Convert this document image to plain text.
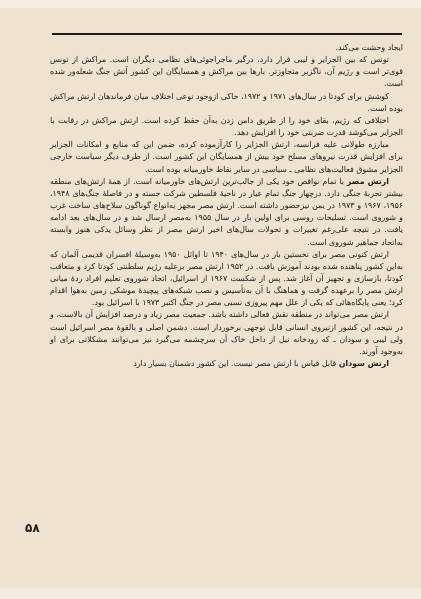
ایجاد وحشت می‌کند.

تونس که بین الجزایر و لیبی قرار دارد، درگیر ماجراجوئی‌های نظامی دیگران است. مراکش از تونس قوی‌تر است و رژیم آن، ناگزیر متجاوزتر. بارها بین مراکش و همسایگان این کشور آتش جنگ شعله‌ور شده است.

کوشش برای کودتا در سال‌های ۱۹۷۱ و ۱۹۷۲، حاکی ازوجود نوعی اختلاف میان فرماندهان ارتش مراکش بوده است.

اختلافی که رژیم، بقای خود را از طریق دامن زدن به‌آن حفظ کرده است. ارتش مراکش در رقابت با الجزایر می‌کوشد قدرت ضربتی خود را افزایش دهد.

مبارزه طولانی علیه فرانسه، ارتش الجزایر را کارآزموده کرده، ضمن این که منابع و امکانات الجزایر برای افزایش قدرت نیروهای مسلح خود بیش از همسایگان این کشور است. از طرف دیگر سیاست خارجی الجزایر مشوق فعالیت‌های نظامی ـ سیاسی در سایر نقاط خاورمیانه بوده است.

ارتش مصر با تمام نواقص خود یکی از جالب‌ترین ارتش‌های خاورمیانه است. از همهٔ ارتش‌های منطقه بیشتر تجربهٔ جنگی دارد. درچهار جنگ تمام عیار در ناحیهٔ فلسطین شرکت جسته و در فاصلهٔ جنگ‌های ۱۹۴۸، ۱۹۵۶، ۱۹۶۷ و ۱۹۷۳ در یمن نیزحضور داشته است. ارتش مصر مجهز به‌انواع گوناگون سلاح‌های ساخت غرب و شوروی است. تسلیحات روسی برای اولین بار در سال ۱۹۵۵ به‌مصر ارسال شد و در سال‌های بعد ادامه یافت. در نتیجه علی‌رغم تغییرات و تحولات سال‌های اخیر ارتش مصر از نظر وسائل یدکی هنوز وابسته به‌اتحاد جماهیر شوروی است.

ارتش کنونی مصر برای نخستین بار در سال‌های ۱۹۴۰ تا اوائل ۱۹۵۰ به‌وسیلهٔ افسران قدیمی آلمان که به‌این کشور پناهنده شده بودند آموزش یافت. در ۱۹۵۲ ارتش مصر برعلیه رژیم سلطنتی کودتا کرد و متعاقب کودتا، بازسازی و تجهیز آن آغاز شد. پس از شکست ۱۹۶۷ از اسرائیل، اتحاد شوروی تعلیم افراد ردهٔ میانی ارتش مصر را برعهده گرفت و هماهنگ با آن به‌تأسیس و نصب شبکه‌های پیچیدهٔ موشکی زمین به‌هوا اقدام کرد؛ یعنی پایگاه‌هائی که یکی از علل مهم پیروزی نسبی مصر در جنگ اکتبر ۱۹۷۳ با اسرائیل بود.

ارتش مصر می‌تواند در منطقه نقش فعالی داشته باشد. جمعیت مصر زیاد و درصد افزایش آن بالاست، و در نتیجه، این کشور ازنیروی انسانی قابل توجهی برخوردار است. دشمن اصلی و بالقوهٔ مصر اسرائیل است ولی لیبی و سودان ـ که رودخانه نیل از داخل خاک آن سرچشمه می‌گیرد نیز می‌توانند مشکلاتی برای او به‌وجود آورند.

ارتش سودان قابل قیاس با ارتش مصر نیست. این کشور دشمنان بسیار دارد

۵۸
